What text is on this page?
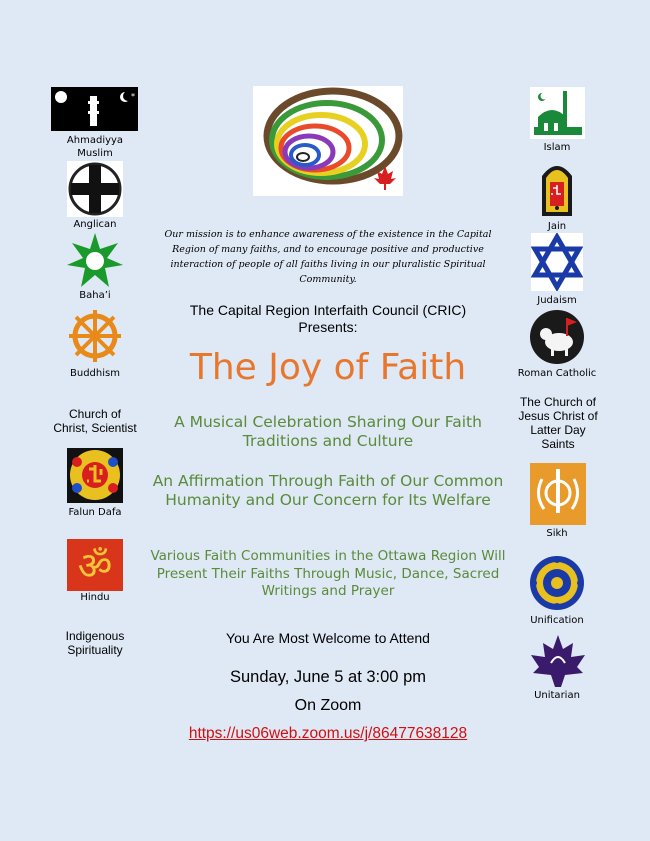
*
Ahmadiyya Muslim
Anglican
Baha’i
Buddhism
Church of Christ, Scientist
Falun Dafa
ॐ
Hindu
Indigenous Spirituality
Our mission is to enhance awareness of the existence in the Capital Region of many faiths, and to encourage positive and productive interaction of people of all faiths living in our pluralistic Spiritual Community.
The Capital Region Interfaith Council (CRIC) Presents:
The Joy of Faith
A Musical Celebration Sharing Our Faith Traditions and Culture
An Affirmation Through Faith of Our Common Humanity and Our Concern for Its Welfare
Various Faith Communities in the Ottawa Region Will Present Their Faiths Through Music, Dance, Sacred Writings and Prayer
You Are Most Welcome to Attend
Sunday, June 5 at 3:00 pm
On Zoom
https://us06web.zoom.us/j/86477638128
Islam
Jain
Judaism
Roman Catholic
The Church of Jesus Christ of Latter Day Saints
Sikh
Unification
Unitarian
